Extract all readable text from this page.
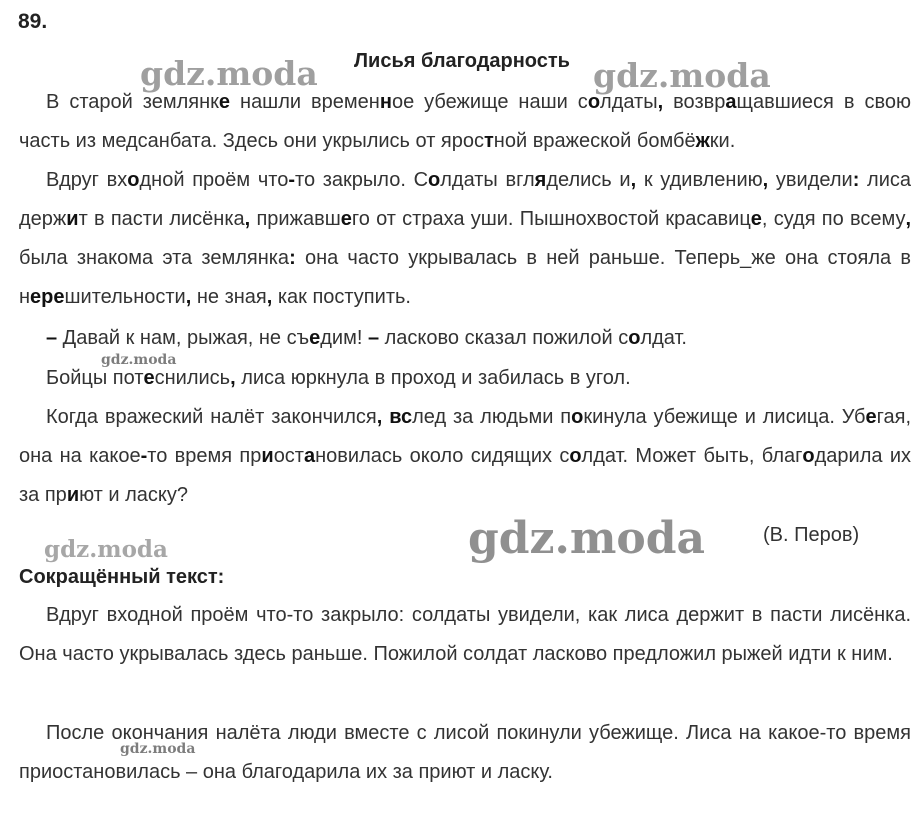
89.
Лисья благодарность

В старой землянке нашли временное убежище наши солдаты, возвращавшиеся в свою часть из медсанбата. Здесь они укрылись от яростной вражеской бомбёжки.

Вдруг входной проём что-то закрыло. Солдаты вгляделись и, к удивлению, увидели: лиса держит в пасти лисёнка, прижавшего от страха уши. Пышнохвостой красавице, судя по всему, была знакома эта землянка: она часто укрывалась в ней раньше. Теперь_же она стояла в нерешительности, не зная, как поступить.

– Давай к нам, рыжая, не съедим! – ласково сказал пожилой солдат.

Бойцы потеснились, лиса юркнула в проход и забилась в угол.

Когда вражеский налёт закончился, вслед за людьми покинула убежище и лисица. Убегая, она на какое-то время приостановилась около сидящих солдат. Может быть, благодарила их за приют и ласку?

(В. Перов)
Сокращённый текст:

Вдруг входной проём что-то закрыло: солдаты увидели, как лиса держит в пасти лисёнка. Она часто укрывалась здесь раньше. Пожилой солдат ласково предложил рыжей идти к ним.

После окончания налёта люди вместе с лисой покинули убежище. Лиса на какое-то время приостановилась – она благодарила их за приют и ласку.

gdz.moda	gdz.moda
gdz.moda
gdz.moda
gdz.moda
gdz.moda
